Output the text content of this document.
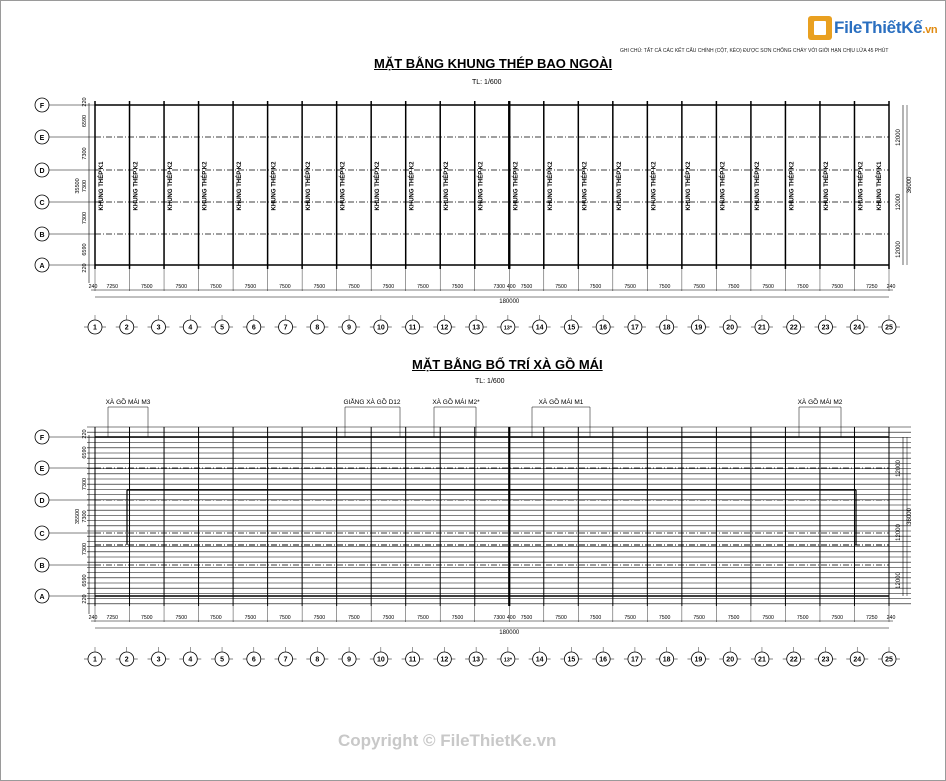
FileThiếtKế.vn
GHI CHÚ: TẤT CẢ CÁC KẾT CẤU CHÍNH (CỘT, KÈO) ĐƯỢC SƠN CHỐNG CHÁY VỚI GIỚI HẠN CHỊU LỬA 45 PHÚT
MẶT BẰNG KHUNG THÉP BAO NGOÀI
TL: 1/600
MẶT BẰNG BỐ TRÍ XÀ GỒ MÁI
TL: 1/600
F
E
D
C
B
A
220
6590
7300
7300
7300
6590
220
35500
12000
12000
12000
36000
240 7250	7500	7500	7500	7500	7500	7500	7500	7500	7500	7500	7300 400 7500	7500	7500	7500	7500	7500	7500	7500	7500	7500	7250 240
180000
1	2	3	4	5	6	7	8	9	10	11	12	13	13*	14	15	16	17	18	19	20	21	22	23	24	25
KHUNG THÉP K1	KHUNG THÉP K2	KHUNG THÉP K2	KHUNG THÉP K2	KHUNG THÉP K2	KHUNG THÉP K2	KHUNG THÉP K2	KHUNG THÉP K2	KHUNG THÉP K2	KHUNG THÉP K2	KHUNG THÉP K2	KHUNG THÉP K2	KHUNG THÉP K2	KHUNG THÉP K2	KHUNG THÉP K2	KHUNG THÉP K2	KHUNG THÉP K2	KHUNG THÉP K2	KHUNG THÉP K2	KHUNG THÉP K2	KHUNG THÉP K2	KHUNG THÉP K2	KHUNG THÉP K2	KHUNG THÉP K1
F
E
D
C
B
A
220
6590
7300
7300
7300
6590
220
35500
12000
12000
12000
36000
240 7250	7500	7500	7500	7500	7500	7500	7500	7500	7500	7500	7300 400 7500	7500	7500	7500	7500	7500	7500	7500	7500	7500	7250 240
180000
1	2	3	4	5	6	7	8	9	10	11	12	13	13*	14	15	16	17	18	19	20	21	22	23	24	25
XÀ GỒ MÁI M3	GIẰNG XÀ GỒ D12	XÀ GỒ MÁI M2*	XÀ GỒ MÁI M1	XÀ GỒ MÁI M2
Copyright © FileThietKe.vn
